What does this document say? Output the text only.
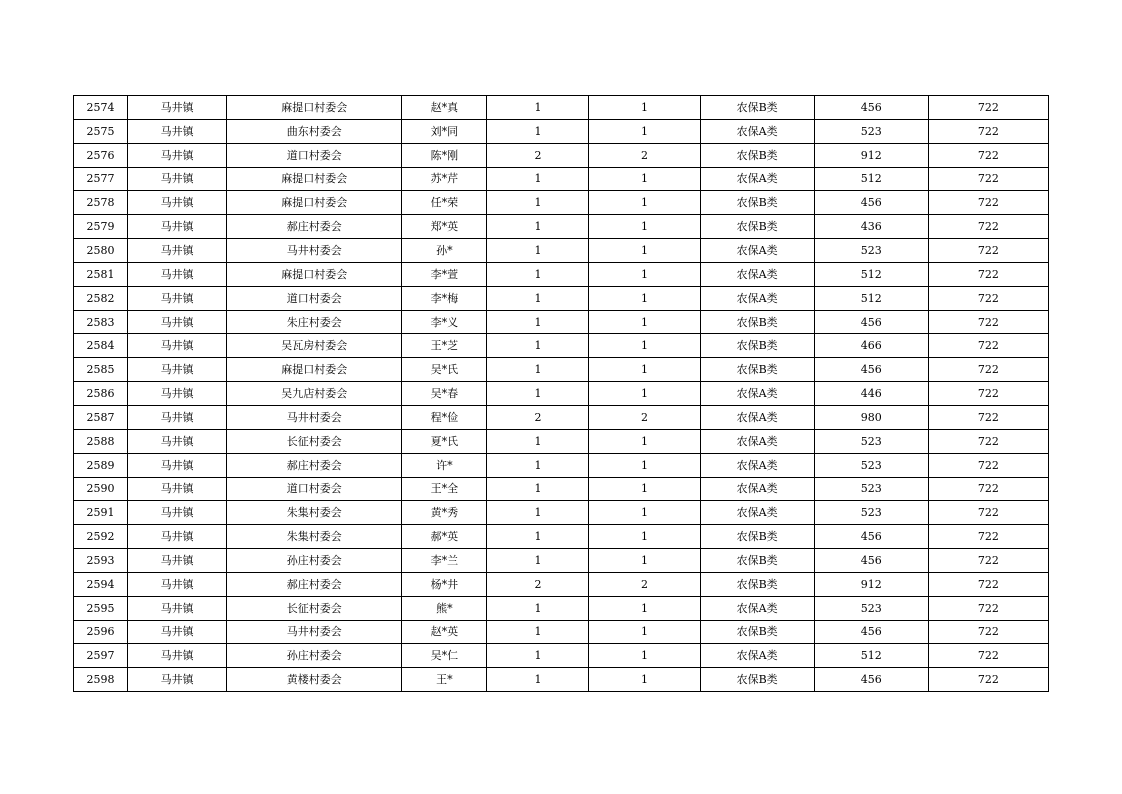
2574	马井镇	麻提口村委会	赵*真	1	1	农保B类	456	722
2575	马井镇	曲东村委会	刘*同	1	1	农保A类	523	722
2576	马井镇	道口村委会	陈*刚	2	2	农保B类	912	722
2577	马井镇	麻提口村委会	苏*芹	1	1	农保A类	512	722
2578	马井镇	麻提口村委会	任*荣	1	1	农保B类	456	722
2579	马井镇	郝庄村委会	郑*英	1	1	农保B类	436	722
2580	马井镇	马井村委会	孙*	1	1	农保A类	523	722
2581	马井镇	麻提口村委会	李*萱	1	1	农保A类	512	722
2582	马井镇	道口村委会	李*梅	1	1	农保A类	512	722
2583	马井镇	朱庄村委会	李*义	1	1	农保B类	456	722
2584	马井镇	吴瓦房村委会	王*芝	1	1	农保B类	466	722
2585	马井镇	麻提口村委会	吴*氏	1	1	农保B类	456	722
2586	马井镇	吴九店村委会	吴*春	1	1	农保A类	446	722
2587	马井镇	马井村委会	程*俭	2	2	农保A类	980	722
2588	马井镇	长征村委会	夏*氏	1	1	农保A类	523	722
2589	马井镇	郝庄村委会	许*	1	1	农保A类	523	722
2590	马井镇	道口村委会	王*全	1	1	农保A类	523	722
2591	马井镇	朱集村委会	黄*秀	1	1	农保A类	523	722
2592	马井镇	朱集村委会	郝*英	1	1	农保B类	456	722
2593	马井镇	孙庄村委会	李*兰	1	1	农保B类	456	722
2594	马井镇	郝庄村委会	杨*井	2	2	农保B类	912	722
2595	马井镇	长征村委会	熊*	1	1	农保A类	523	722
2596	马井镇	马井村委会	赵*英	1	1	农保B类	456	722
2597	马井镇	孙庄村委会	吴*仁	1	1	农保A类	512	722
2598	马井镇	黄楼村委会	王*	1	1	农保B类	456	722
